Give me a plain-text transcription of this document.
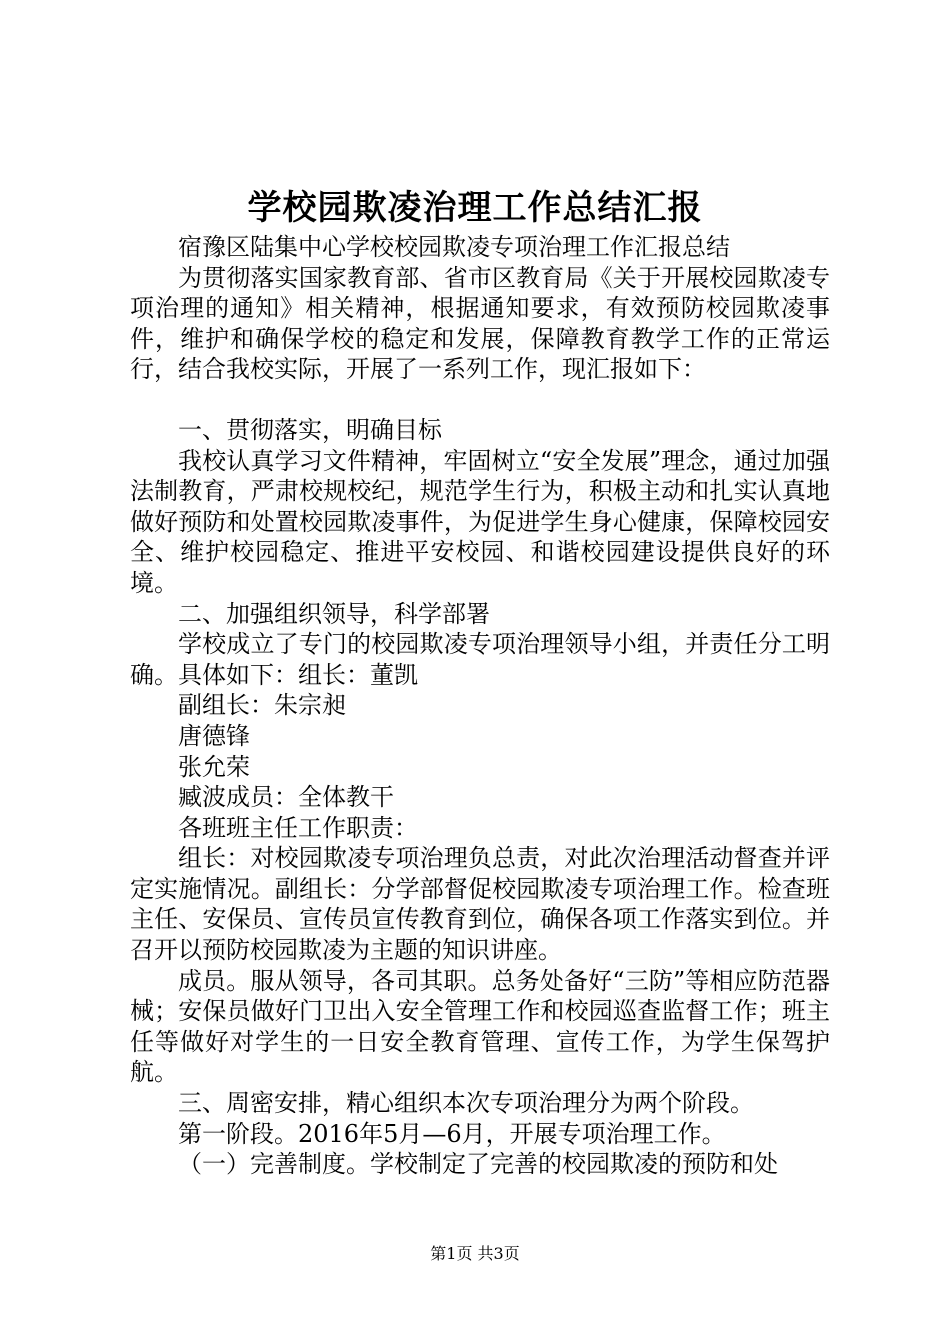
学校园欺凌治理工作总结汇报

宿豫区陆集中心学校校园欺凌专项治理工作汇报总结

为贯彻落实国家教育部、省市区教育局《关于开展校园欺凌专项治理的通知》相关精神，根据通知要求，有效预防校园欺凌事件，维护和确保学校的稳定和发展，保障教育教学工作的正常运行，结合我校实际，开展了一系列工作，现汇报如下：

一、贯彻落实，明确目标

我校认真学习文件精神，牢固树立“安全发展”理念，通过加强法制教育，严肃校规校纪，规范学生行为，积极主动和扎实认真地做好预防和处置校园欺凌事件，为促进学生身心健康，保障校园安全、维护校园稳定、推进平安校园、和谐校园建设提供良好的环境。

二、加强组织领导，科学部署

学校成立了专门的校园欺凌专项治理领导小组，并责任分工明确。具体如下：组长：董凯

副组长：朱宗昶

唐德锋

张允荣

臧波成员：全体教干

各班班主任工作职责：

组长：对校园欺凌专项治理负总责，对此次治理活动督查并评定实施情况。副组长：分学部督促校园欺凌专项治理工作。检查班主任、安保员、宣传员宣传教育到位，确保各项工作落实到位。并召开以预防校园欺凌为主题的知识讲座。

成员。服从领导，各司其职。总务处备好“三防”等相应防范器械；安保员做好门卫出入安全管理工作和校园巡查监督工作；班主任等做好对学生的一日安全教育管理、宣传工作，为学生保驾护航。

三、周密安排，精心组织本次专项治理分为两个阶段。

第一阶段。2016年5月—6月，开展专项治理工作。

（一）完善制度。学校制定了完善的校园欺凌的预防和处

第1页 共3页
